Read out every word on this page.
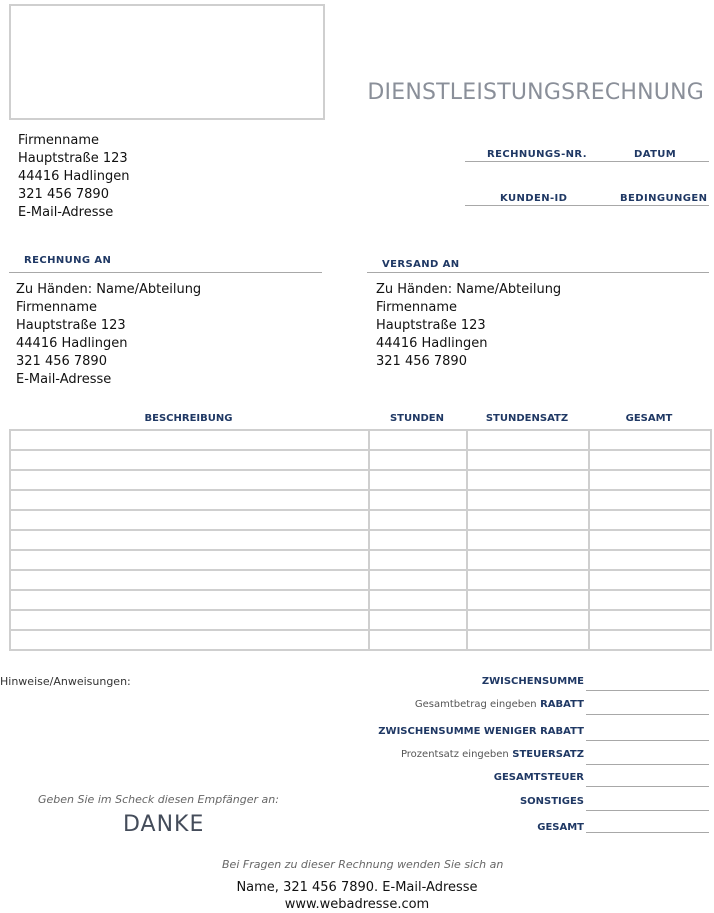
DIENSTLEISTUNGSRECHNUNG
Firmenname
Hauptstraße 123
44416 Hadlingen
321 456 7890
E-Mail-Adresse
RECHNUNGS-NR.	DATUM
KUNDEN-ID	BEDINGUNGEN
RECHNUNG AN
Zu Händen: Name/Abteilung
Firmenname
Hauptstraße 123
44416 Hadlingen
321 456 7890
E-Mail-Adresse
VERSAND AN
Zu Händen: Name/Abteilung
Firmenname
Hauptstraße 123
44416 Hadlingen
321 456 7890
BESCHREIBUNG	STUNDEN	STUNDENSATZ	GESAMT

Hinweise/Anweisungen:	ZWISCHENSUMME
Gesamtbetrag eingeben RABATT
ZWISCHENSUMME WENIGER RABATT
Prozentsatz eingeben STEUERSATZ
GESAMTSTEUER
SONSTIGES
GESAMT
Geben Sie im Scheck diesen Empfänger an:
DANKE
Bei Fragen zu dieser Rechnung wenden Sie sich an
Name, 321 456 7890. E-Mail-Adresse
www.webadresse.com
